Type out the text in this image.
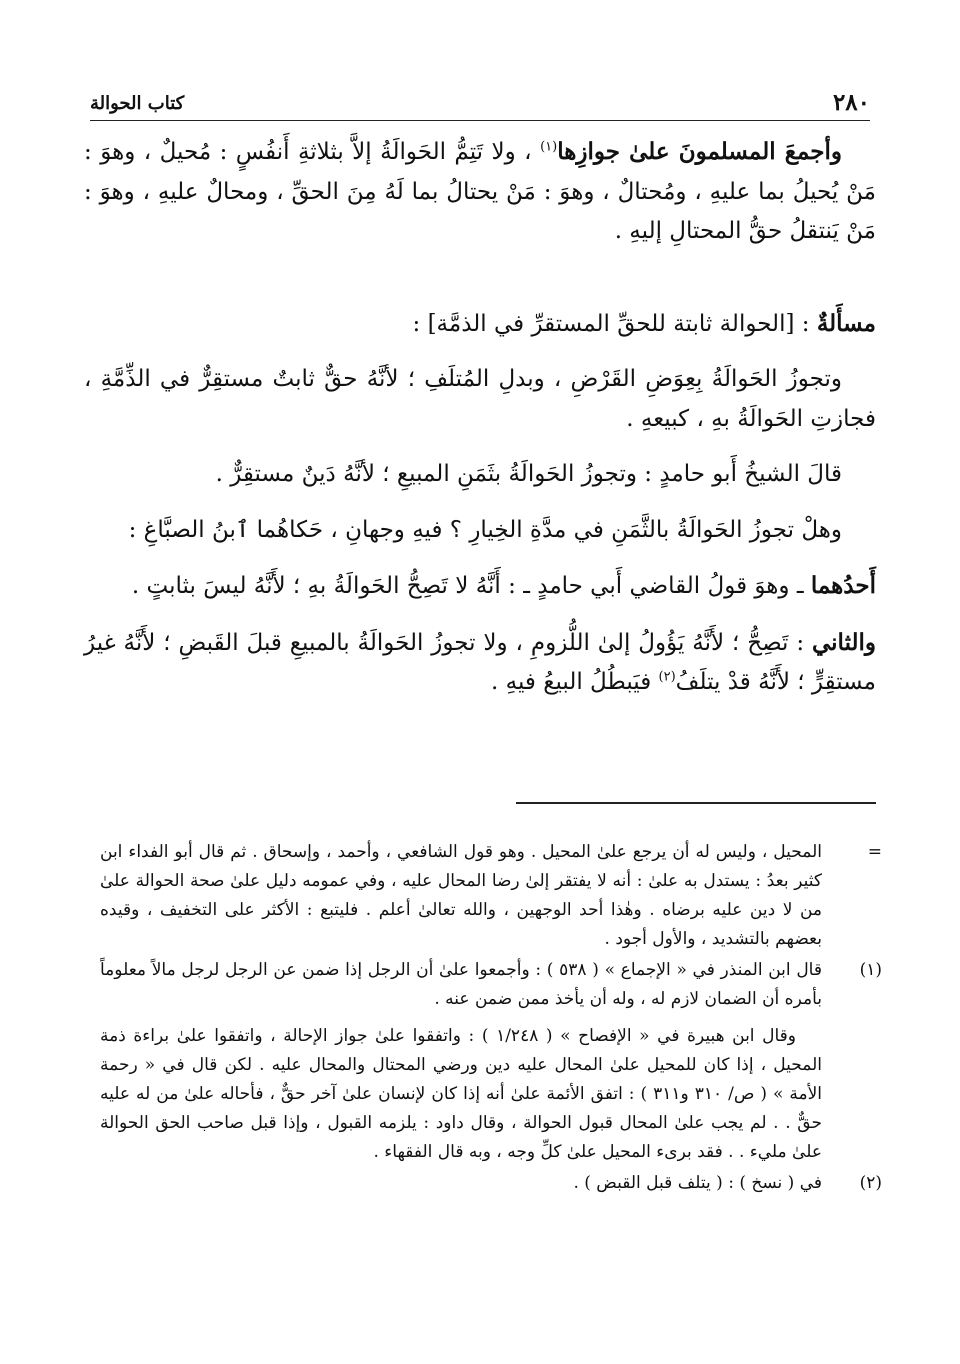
٢٨٠
كتاب الحوالة

وأجمعَ المسلمونَ علىٰ جوازِها$^{(١)}$ ، ولا تَتِمُّ الحَوالَةُ إلاَّ بثلاثةِ أَنفُسٍ : مُحيلٌ ، وهوَ : مَنْ يُحيلُ بما عليهِ ، ومُحتالٌ ، وهوَ : مَنْ يحتالُ بما لَهُ مِنَ الحقِّ ، ومحالٌ عليهِ ، وهوَ : مَنْ يَنتقلُ حقُّ المحتالِ إليهِ .

مسأَلةٌ : [الحوالة ثابتة للحقِّ المستقرِّ في الذمَّة] :

وتجوزُ الحَوالَةُ بِعِوَضِ القَرْضِ ، وبدلِ المُتلَفِ ؛ لأنَّهُ حقٌّ ثابتٌ مستقِرٌّ في الذِّمَّةِ ، فجازتِ الحَوالَةُ بهِ ، كبيعهِ .

قالَ الشيخُ أَبو حامدٍ : وتجوزُ الحَوالَةُ بثَمَنِ المبيعِ ؛ لأنَّهُ دَينٌ مستقِرٌّ .

وهلْ تجوزُ الحَوالَةُ بالثَّمَنِ في مدَّةِ الخِيارِ ؟ فيهِ وجهانِ ، حَكاهُما ٱبنُ الصبَّاغِ :

أَحدُهما ـ وهوَ قولُ القاضي أَبي حامدٍ ـ : أَنَّهُ لا تَصِحُّ الحَوالَةُ بهِ ؛ لأَنَّهُ ليسَ بثابتٍ .

والثاني : تَصِحُّ ؛ لأَنَّهُ يَؤُولُ إلىٰ اللُّزومِ ، ولا تجوزُ الحَوالَةُ بالمبيعِ قبلَ القَبضِ ؛ لأَنَّهُ غيرُ مستقِرٍّ ؛ لأَنَّهُ قدْ يتلَفُ$^{(٢)}$ فيَبطُلُ البيعُ فيهِ .

=

المحيل ، وليس له أن يرجع علىٰ المحيل . وهو قول الشافعي ، وأحمد ، وإسحاق . ثم قال أبو الفداء ابن كثير بعدُ : يستدل به علىٰ : أنه لا يفتقر إلىٰ رضا المحال عليه ، وفي عمومه دليل علىٰ صحة الحوالة علىٰ من لا دين عليه برضاه . وهٰذا أحد الوجهين ، والله تعالىٰ أعلم . فليتبع : الأكثر على التخفيف ، وقيده بعضهم بالتشديد ، والأول أجود .

(١)

قال ابن المنذر في « الإجماع » ( ٥٣٨ ) : وأجمعوا علىٰ أن الرجل إذا ضمن عن الرجل لرجل مالاً معلوماً بأمره أن الضمان لازم له ، وله أن يأخذ ممن ضمن عنه .

وقال ابن هبيرة في « الإفصاح » ( ١/٢٤٨ ) : واتفقوا علىٰ جواز الإحالة ، واتفقوا علىٰ براءة ذمة المحيل ، إذا كان للمحيل علىٰ المحال عليه دين ورضي المحتال والمحال عليه . لكن قال في « رحمة الأمة » ( ص/ ٣١٠ و٣١١ ) : اتفق الأئمة علىٰ أنه إذا كان لإنسان علىٰ آخر حقٌّ ، فأحاله علىٰ من له عليه حقٌّ . . لم يجب علىٰ المحال قبول الحوالة ، وقال داود : يلزمه القبول ، وإذا قبل صاحب الحق الحوالة علىٰ مليء . . فقد برىء المحيل علىٰ كلِّ وجه ، وبه قال الفقهاء .

(٢)

في ( نسخ ) : ( يتلف قبل القبض ) .
